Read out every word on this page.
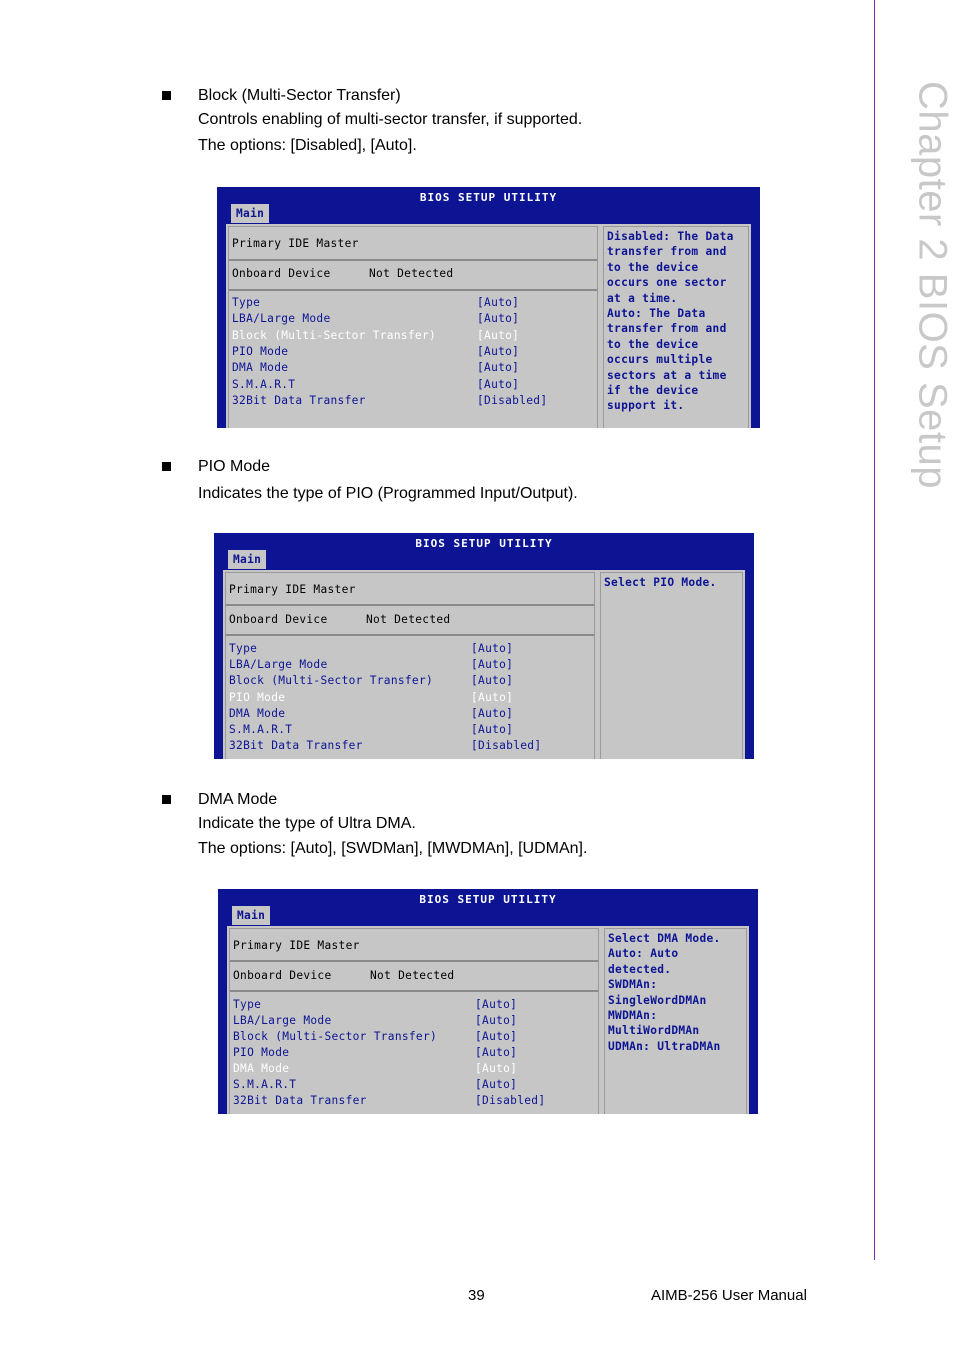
Chapter 2 BIOS Setup
Block (Multi-Sector Transfer)
Controls enabling of multi-sector transfer, if supported.
The options: [Disabled], [Auto].
BIOS SETUP UTILITY
Main
Primary IDE Master
Onboard Device	Not Detected
Type	[Auto]
LBA/Large Mode	[Auto]
Block (Multi-Sector Transfer)	[Auto]
PIO Mode	[Auto]
DMA Mode	[Auto]
S.M.A.R.T	[Auto]
32Bit Data Transfer	[Disabled]
Disabled: The Data
transfer from and
to the device
occurs one sector
at a time.
Auto: The Data
transfer from and
to the device
occurs multiple
sectors at a time
if the device
support it.
PIO Mode
Indicates the type of PIO (Programmed Input/Output).
BIOS SETUP UTILITY
Main
Primary IDE Master
Onboard Device	Not Detected
Type	[Auto]
LBA/Large Mode	[Auto]
Block (Multi-Sector Transfer)	[Auto]
PIO Mode	[Auto]
DMA Mode	[Auto]
S.M.A.R.T	[Auto]
32Bit Data Transfer	[Disabled]
Select PIO Mode.
DMA Mode
Indicate the type of Ultra DMA.
The options: [Auto], [SWDMan], [MWDMAn], [UDMAn].
BIOS SETUP UTILITY
Main
Primary IDE Master
Onboard Device	Not Detected
Type	[Auto]
LBA/Large Mode	[Auto]
Block (Multi-Sector Transfer)	[Auto]
PIO Mode	[Auto]
DMA Mode	[Auto]
S.M.A.R.T	[Auto]
32Bit Data Transfer	[Disabled]
Select DMA Mode.
Auto: Auto
detected.
SWDMAn:
SingleWordDMAn
MWDMAn:
MultiWordDMAn
UDMAn: UltraDMAn
39	AIMB-256 User Manual
